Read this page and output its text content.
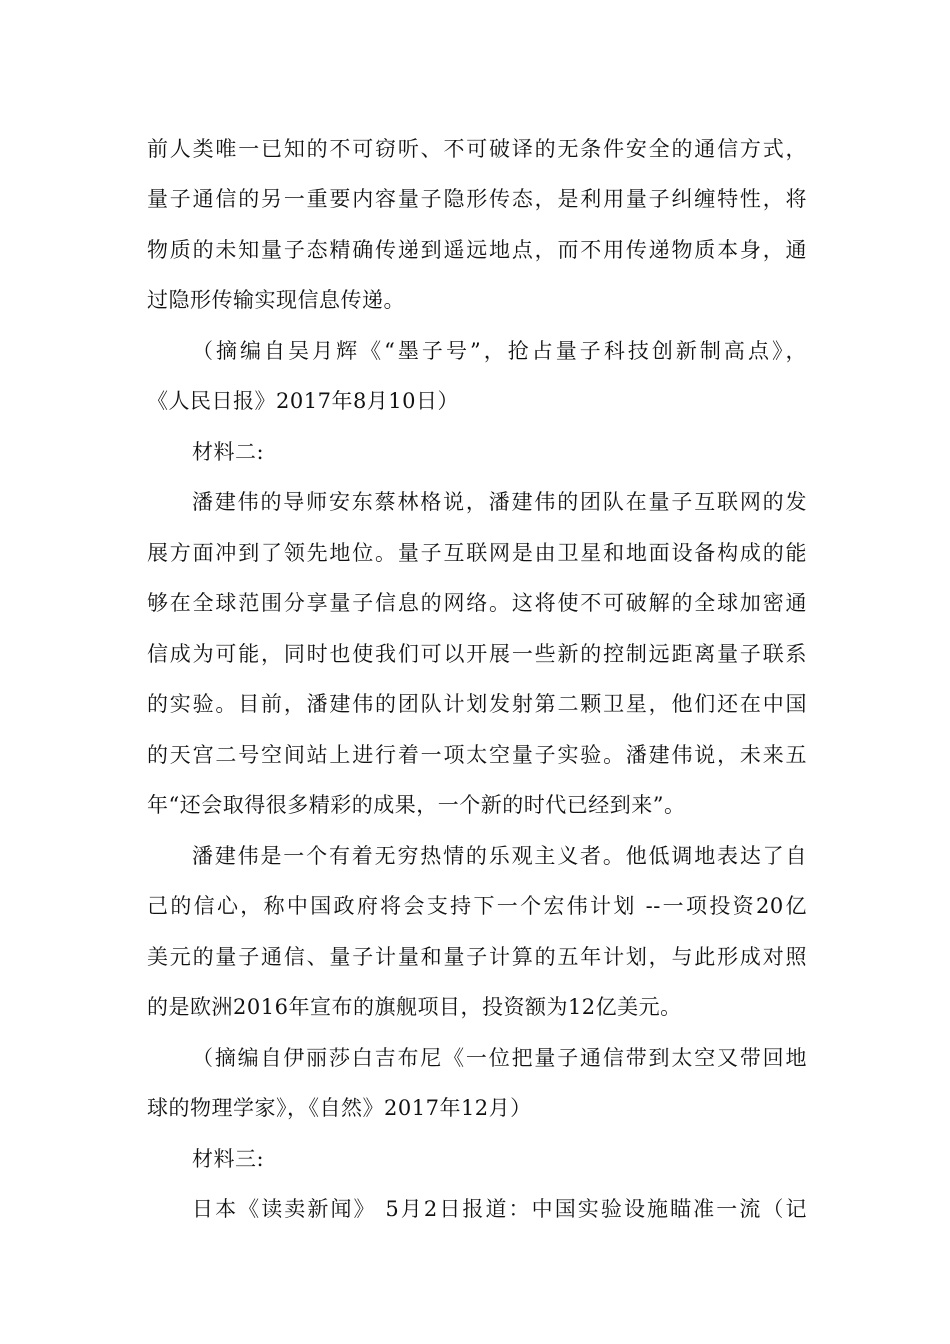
前人类唯一已知的不可窃听、不可破译的无条件安全的通信方式，
量子通信的另一重要内容量子隐形传态，是利用量子纠缠特性，将
物质的未知量子态精确传递到遥远地点，而不用传递物质本身，通
过隐形传输实现信息传递。
（摘编自吴月辉《“墨子号”，抢占量子科技创新制高点》，
《人民日报》2017年8月10日）
材料二:
潘建伟的导师安东蔡林格说，潘建伟的团队在量子互联网的发
展方面冲到了领先地位。量子互联网是由卫星和地面设备构成的能
够在全球范围分享量子信息的网络。这将使不可破解的全球加密通
信成为可能，同时也使我们可以开展一些新的控制远距离量子联系
的实验。目前，潘建伟的团队计划发射第二颗卫星，他们还在中国
的天宫二号空间站上进行着一项太空量子实验。潘建伟说，未来五
年“还会取得很多精彩的成果，一个新的时代已经到来”。
潘建伟是一个有着无穷热情的乐观主义者。他低调地表达了自
己的信心，称中国政府将会支持下一个宏伟计划 --一项投资20亿
美元的量子通信、量子计量和量子计算的五年计划，与此形成对照
的是欧洲2016年宣布的旗舰项目，投资额为12亿美元。
（摘编自伊丽莎白吉布尼《一位把量子通信带到太空又带回地
球的物理学家》，《自然》2017年12月）
材料三:
日本《读卖新闻》 5月2日报道：中国实验设施瞄准一流（记
